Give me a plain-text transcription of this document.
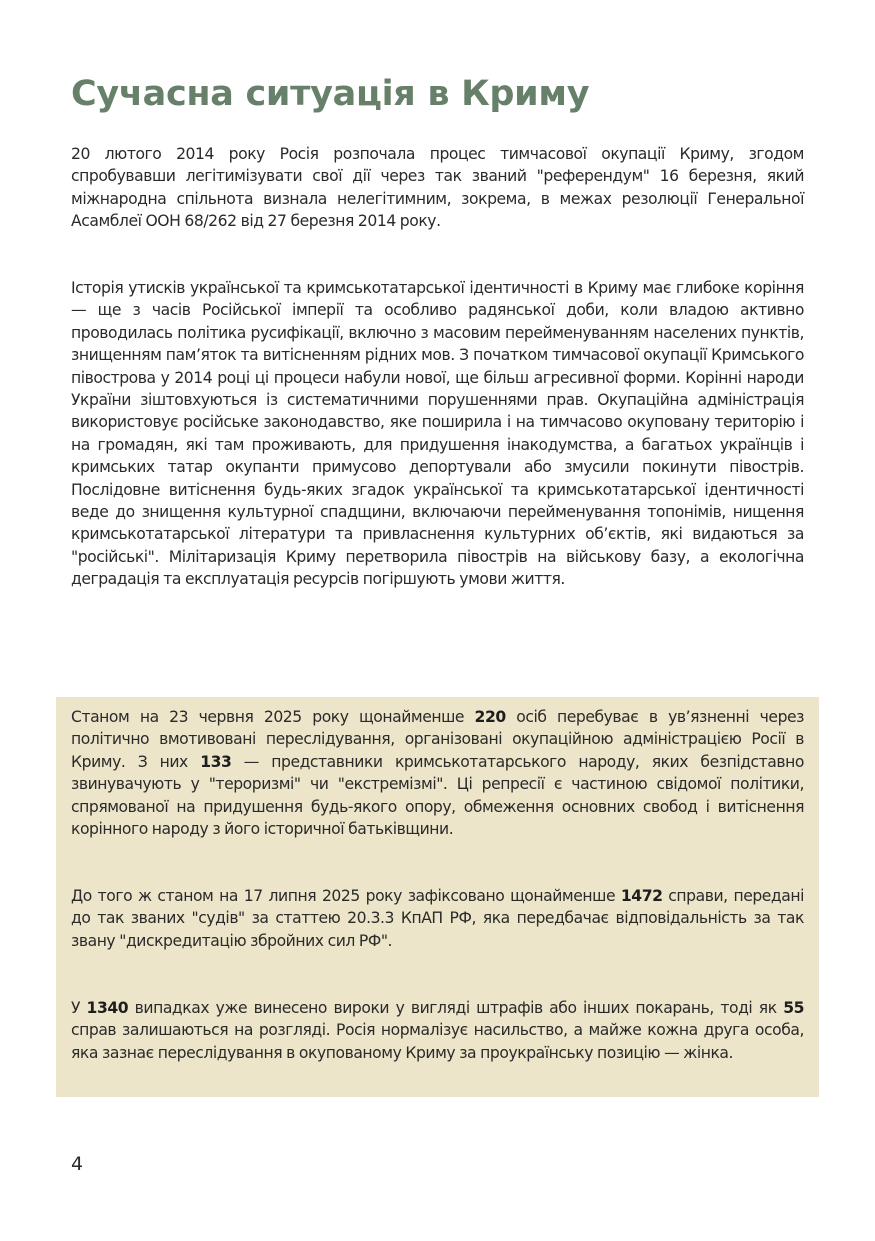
Сучасна ситуація в Криму

20 лютого 2014 року Росія розпочала процес тимчасової окупації Криму, згодом спробувавши легітимізувати свої дії через так званий "референдум" 16 березня, який міжнародна спільнота визнала нелегітимним, зокрема, в межах резолюції Генеральної Асамблеї ООН 68/262 від 27 березня 2014 року.

Історія утисків української та кримськотатарської ідентичності в Криму має глибоке коріння — ще з часів Російської імперії та особливо радянської доби, коли владою активно проводилась політика русифікації, включно з масовим перейменуванням населених пунктів, знищенням пам’яток та витісненням рідних мов. З початком тимчасової окупації Кримського півострова у 2014 році ці процеси набули нової, ще більш агресивної форми. Корінні народи України зіштовхуються із систематичними порушеннями прав. Окупаційна адміністрація використовує російське законодавство, яке поширила і на тимчасово окуповану територію і на громадян, які там проживають, для придушення інакодумства, а багатьох українців і кримських татар окупанти примусово депортували або змусили покинути півострів. Послідовне витіснення будь-яких згадок української та кримськотатарської ідентичності веде до знищення культурної спадщини, включаючи перейменування топонімів, нищення кримськотатарської літератури та привласнення культурних об’єктів, які видаються за "російські". Мілітаризація Криму перетворила півострів на військову базу, а екологічна деградація та експлуатація ресурсів погіршують умови життя.

Станом на 23 червня 2025 року щонайменше 220 осіб перебуває в ув’язненні через політично вмотивовані переслідування, організовані окупаційною адміністрацією Росії в Криму. З них 133 — представники кримськотатарського народу, яких безпідставно звинувачують у "тероризмі" чи "екстремізмі". Ці репресії є частиною свідомої політики, спрямованої на придушення будь-якого опору, обмеження основних свобод і витіснення корінного народу з його історичної батьківщини.

До того ж станом на 17 липня 2025 року зафіксовано щонайменше 1472 справи, передані до так званих "судів" за статтею 20.3.3 КпАП РФ, яка передбачає відповідальність за так звану "дискредитацію збройних сил РФ".

У 1340 випадках уже винесено вироки у вигляді штрафів або інших покарань, тоді як 55 справ залишаються на розгляді. Росія нормалізує насильство, а майже кожна друга особа, яка зазнає переслідування в окупованому Криму за проукраїнську позицію — жінка.

4
